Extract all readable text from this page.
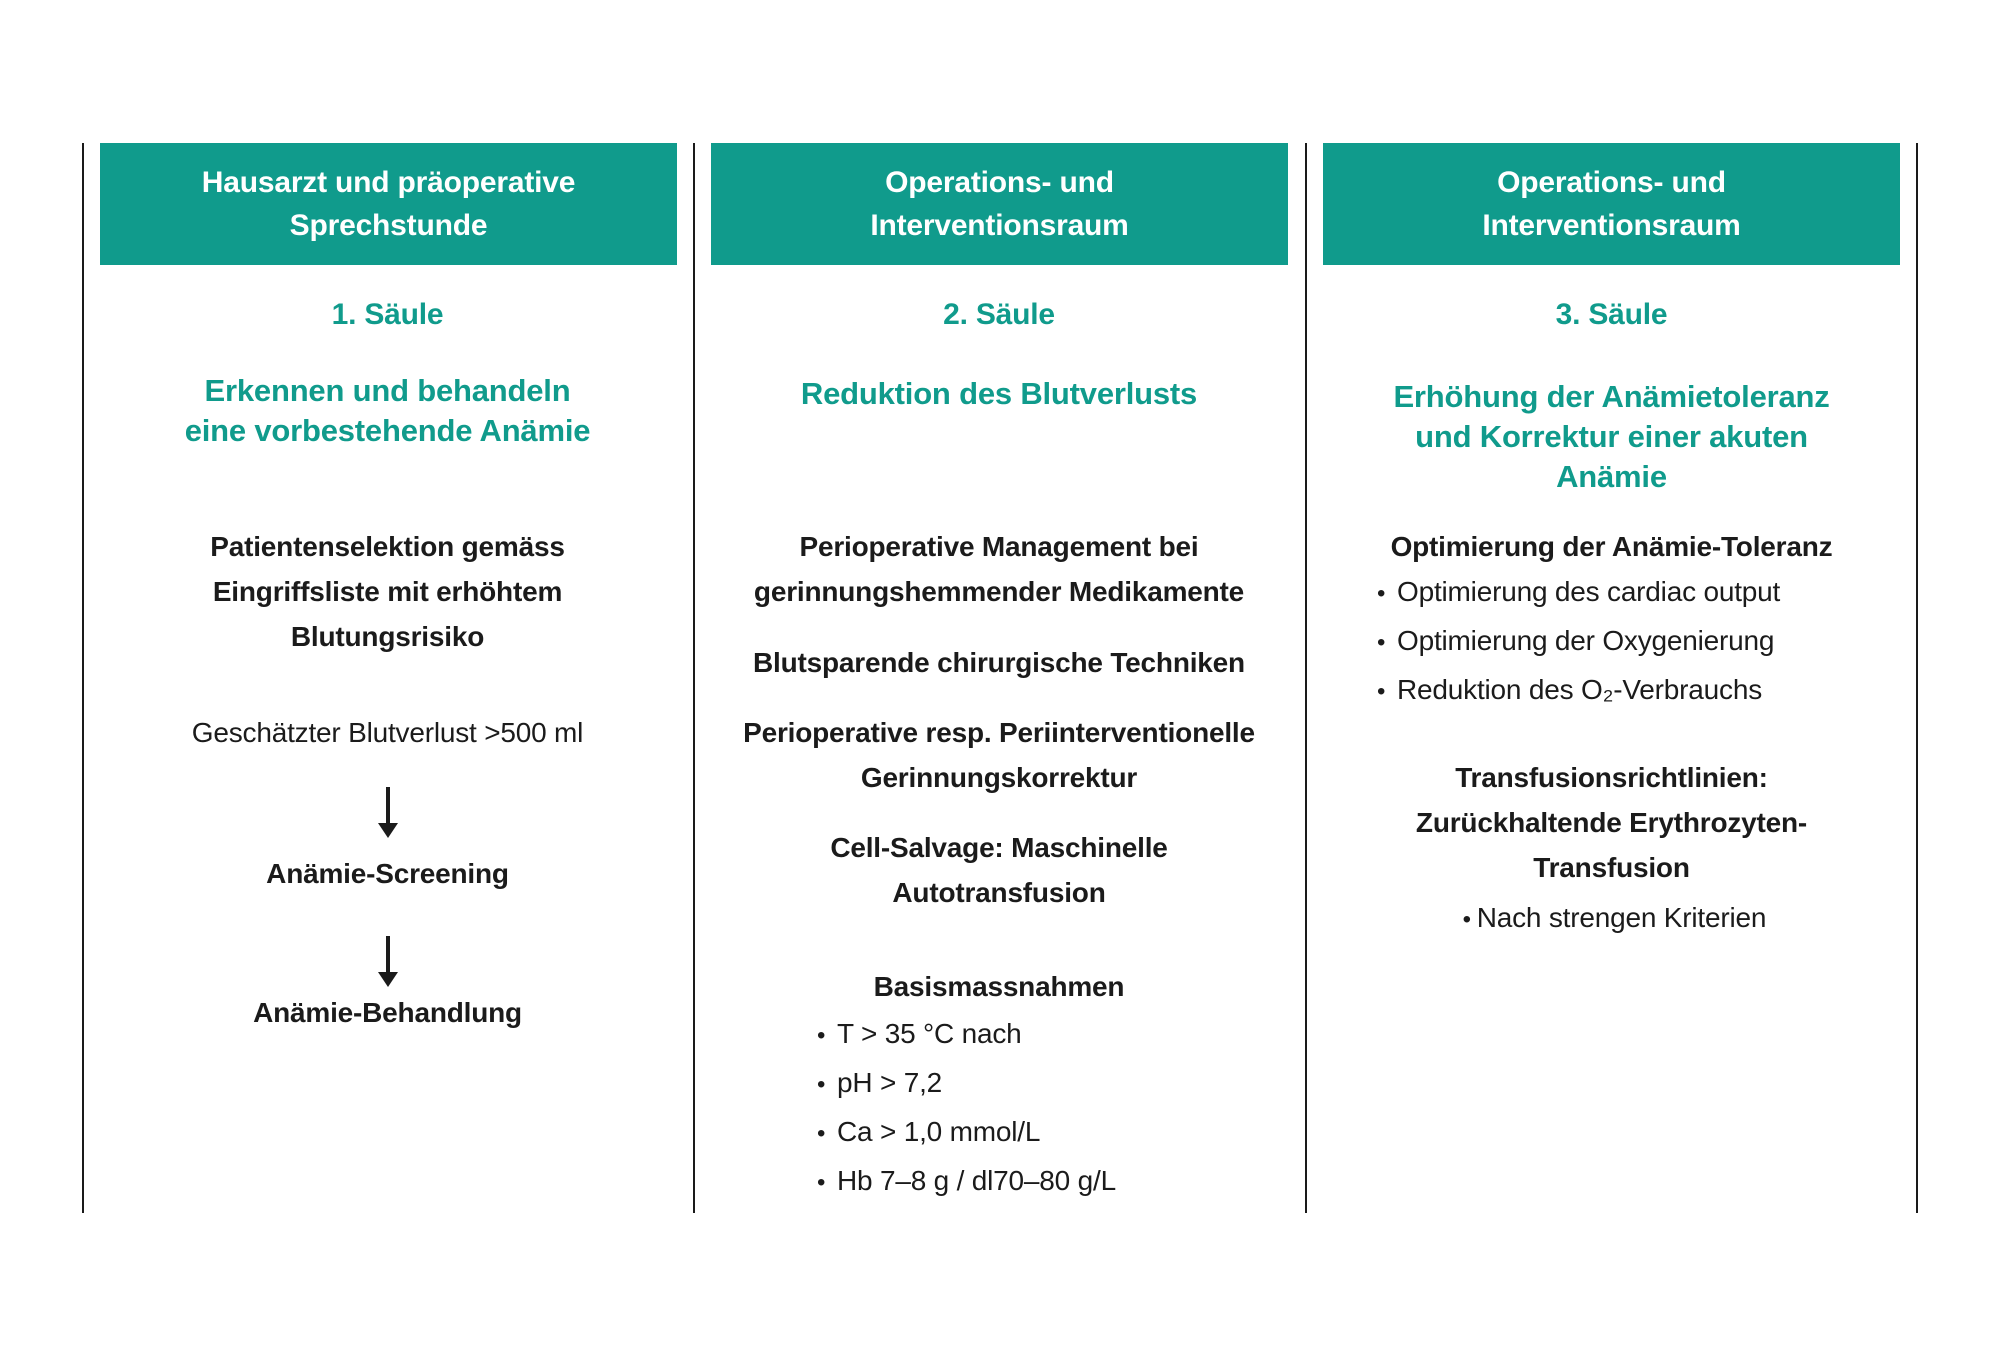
Hausarzt und präoperative
Sprechstunde
1. Säule
Erkennen und behandeln
eine vorbestehende Anämie
Patientenselektion gemäss
Eingriffsliste mit erhöhtem
Blutungsrisiko
Geschätzter Blutverlust >500 ml
Anämie-Screening
Anämie-Behandlung
Operations- und
Interventionsraum
2. Säule
Reduktion des Blutverlusts
Perioperative Management bei
gerinnungshemmender Medikamente
Blutsparende chirurgische Techniken
Perioperative resp. Periinterventionelle
Gerinnungskorrektur
Cell-Salvage: Maschinelle
Autotransfusion
Basismassnahmen
• T > 35 °C nach
• pH > 7,2
• Ca > 1,0 mmol/L
• Hb 7–8 g / dl70–80 g/L
Operations- und
Interventionsraum
3. Säule
Erhöhung der Anämietoleranz
und Korrektur einer akuten
Anämie
Optimierung der Anämie-Toleranz
• Optimierung des cardiac output
• Optimierung der Oxygenierung
• Reduktion des O₂-Verbrauchs
Transfusionsrichtlinien:
Zurückhaltende Erythrozyten-
Transfusion
• Nach strengen Kriterien
